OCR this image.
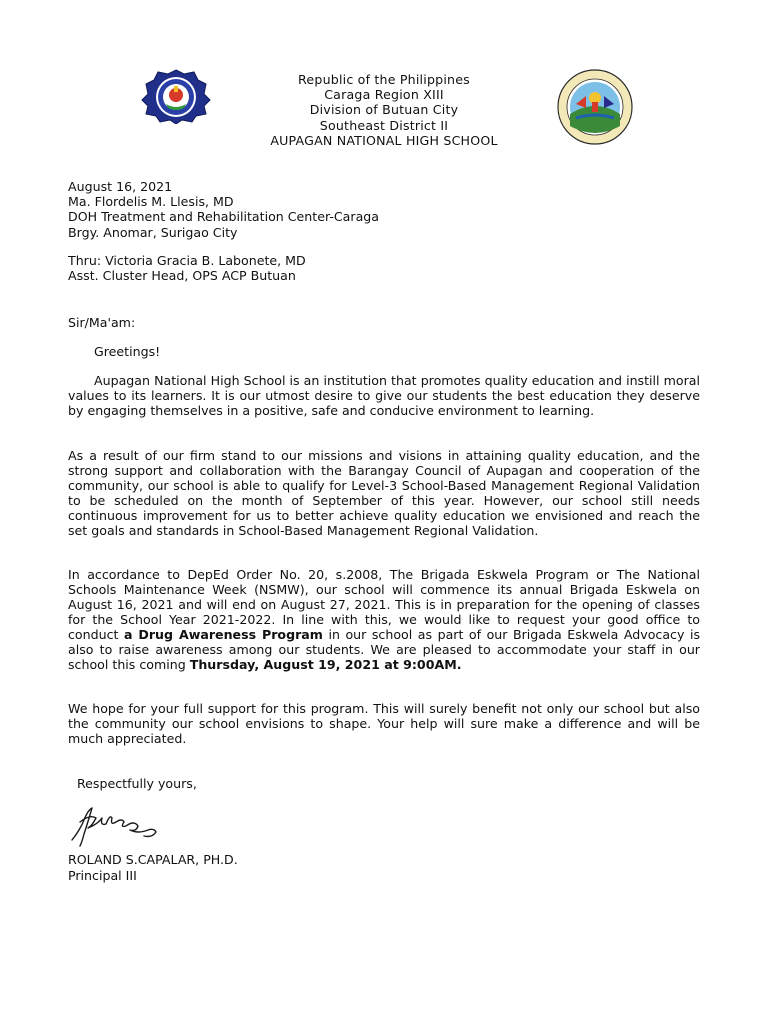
Republic of the Philippines
Caraga Region XIII
Division of Butuan City
Southeast District II
AUPAGAN NATIONAL HIGH SCHOOL
August 16, 2021
Ma. Flordelis M. Llesis, MD
DOH Treatment and Rehabilitation Center-Caraga
Brgy. Anomar, Surigao City
Thru: Victoria Gracia B. Labonete, MD
Asst. Cluster Head, OPS ACP Butuan
Sir/Ma'am:
Greetings!
Aupagan National High School is an institution that promotes quality education and instill moral values to its learners. It is our utmost desire to give our students the best education they deserve by engaging themselves in a positive, safe and conducive environment to learning.
As a result of our firm stand to our missions and visions in attaining quality education, and the strong support and collaboration with the Barangay Council of Aupagan and cooperation of the community, our school is able to qualify for Level-3 School-Based Management Regional Validation to be scheduled on the month of September of this year. However, our school still needs continuous improvement for us to better achieve quality education we envisioned and reach the set goals and standards in School-Based Management Regional Validation.
In accordance to DepEd Order No. 20, s.2008, The Brigada Eskwela Program or The National Schools Maintenance Week (NSMW), our school will commence its annual Brigada Eskwela on August 16, 2021 and will end on August 27, 2021. This is in preparation for the opening of classes for the School Year 2021-2022. In line with this, we would like to request your good office to conduct a Drug Awareness Program in our school as part of our Brigada Eskwela Advocacy is also to raise awareness among our students. We are pleased to accommodate your staff in our school this coming Thursday, August 19, 2021 at 9:00AM.
We hope for your full support for this program. This will surely benefit not only our school but also the community our school envisions to shape. Your help will sure make a difference and will be much appreciated.
Respectfully yours,
ROLAND S.CAPALAR, PH.D.
Principal III
